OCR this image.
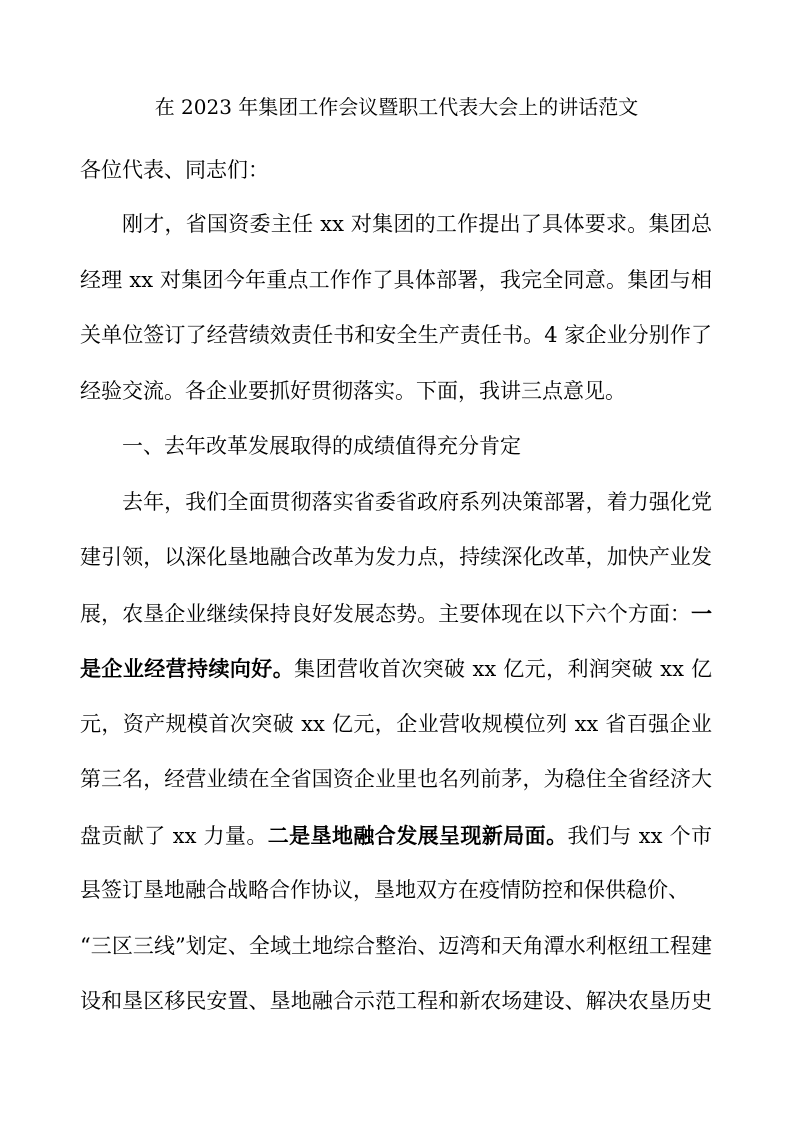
在 2023 年集团工作会议暨职工代表大会上的讲话范文
各位代表、同志们：
刚才，省国资委主任 xx 对集团的工作提出了具体要求。集团总
经理 xx 对集团今年重点工作作了具体部署，我完全同意。集团与相
关单位签订了经营绩效责任书和安全生产责任书。4 家企业分别作了
经验交流。各企业要抓好贯彻落实。下面，我讲三点意见。
一、去年改革发展取得的成绩值得充分肯定
去年，我们全面贯彻落实省委省政府系列决策部署，着力强化党
建引领，以深化垦地融合改革为发力点，持续深化改革，加快产业发
展，农垦企业继续保持良好发展态势。主要体现在以下六个方面：一
是企业经营持续向好。集团营收首次突破 xx 亿元，利润突破 xx 亿
元，资产规模首次突破 xx 亿元，企业营收规模位列 xx 省百强企业
第三名，经营业绩在全省国资企业里也名列前茅，为稳住全省经济大
盘贡献了 xx 力量。二是垦地融合发展呈现新局面。我们与 xx 个市
县签订垦地融合战略合作协议，垦地双方在疫情防控和保供稳价、
“三区三线”划定、全域土地综合整治、迈湾和天角潭水利枢纽工程建
设和垦区移民安置、垦地融合示范工程和新农场建设、解决农垦历史
